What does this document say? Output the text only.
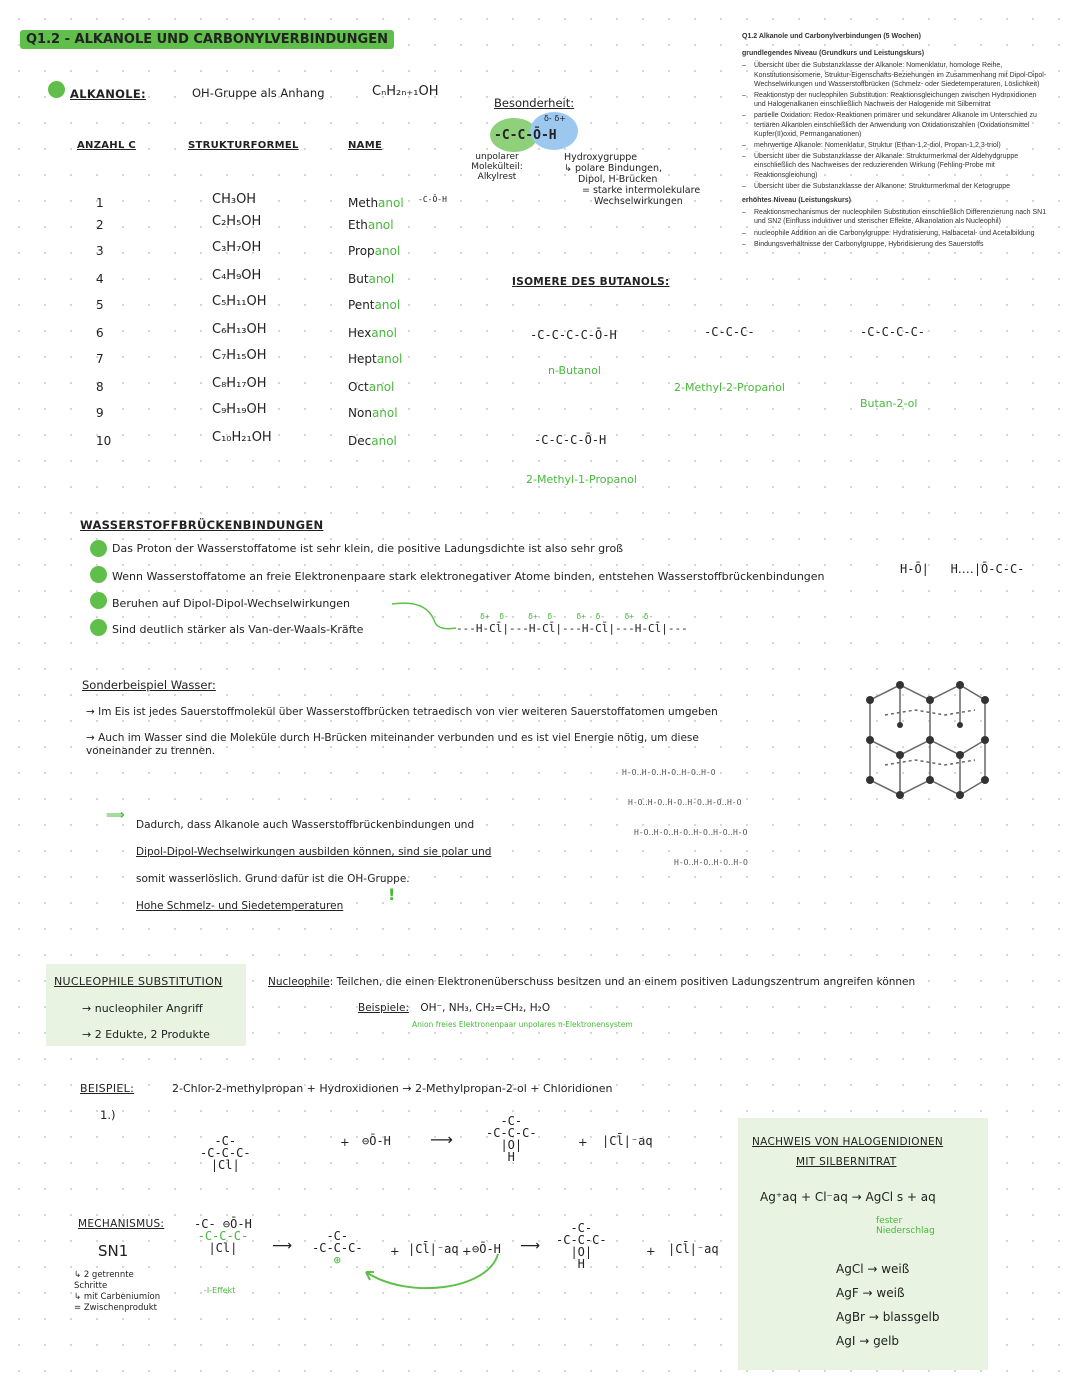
Q1.2 - ALKANOLE UND CARBONYLVERBINDUNGEN
ALKANOLE:	OH-Gruppe als Anhang	CₙH₂ₙ₊₁OH
ANZAHL C	STRUKTURFORMEL	NAME
1	CH₃OH	Methanol
2	C₂H₅OH	Ethanol
3	C₃H₇OH	Propanol
4	C₄H₉OH	Butanol
5	C₅H₁₁OH	Pentanol
6	C₆H₁₃OH	Hexanol
7	C₇H₁₅OH	Heptanol
8	C₈H₁₇OH	Octanol
9	C₉H₁₉OH	Nonanol
10	C₁₀H₂₁OH	Decanol
-C-Ō-H
Besonderheit:
-C-C-Ō-H
δ- δ+
unpolarer Molekülteil: Alkylrest
Hydroxygruppe
↳ polare Bindungen,
Dipol, H-Brücken
= starke intermolekulare
Wechselwirkungen
ISOMERE DES BUTANOLS:
-C-C-C-C-Ō-H
n-Butanol
-C-C-C-
2-Methyl-2-Propanol
-C-C-C-C-
Butan-2-ol
-C-C-C-Ō-H
2-Methyl-1-Propanol
Q1.2 Alkanole und Carbonylverbindungen (5 Wochen)
grundlegendes Niveau (Grundkurs und Leistungskurs)
– Übersicht über die Substanzklasse der Alkanole: Nomenklatur, homologe Reihe, Konstitutionsisomerie, Struktur-Eigenschafts-Beziehungen im Zusammenhang mit Dipol-Dipol-Wechselwirkungen und Wasserstoffbrücken (Schmelz- oder Siedetemperaturen, Löslichkeit)
– Reaktionstyp der nucleophilen Substitution: Reaktionsgleichungen zwischen Hydroxidionen und Halogenalkanen einschließlich Nachweis der Halogenide mit Silbernitrat
– partielle Oxidation: Redox-Reaktionen primärer und sekundärer Alkanole im Unterschied zu tertiären Alkanolen einschließlich der Anwendung von Oxidationszahlen (Oxidationsmittel Kupfer(II)oxid, Permanganationen)
– mehrwertige Alkanole: Nomenklatur, Struktur (Ethan-1,2-diol, Propan-1,2,3-triol)
– Übersicht über die Substanzklasse der Alkanale: Strukturmerkmal der Aldehydgruppe einschließlich des Nachweises der reduzierenden Wirkung (Fehling-Probe mit Reaktionsgleichung)
– Übersicht über die Substanzklasse der Alkanone: Strukturmerkmal der Ketogruppe
erhöhtes Niveau (Leistungskurs)
– Reaktionsmechanismus der nucleophilen Substitution einschließlich Differenzierung nach SN1 und SN2 (Einfluss induktiver und sterischer Effekte, Alkanolation als Nucleophil)
– nucleophile Addition an die Carbonylgruppe: Hydratisierung, Halbacetal- und Acetalbildung
– Bindungsverhältnisse der Carbonylgruppe, Hybridisierung des Sauerstoffs
WASSERSTOFFBRÜCKENBINDUNGEN
Das Proton der Wasserstoffatome ist sehr klein, die positive Ladungsdichte ist also sehr groß
Wenn Wasserstoffatome an freie Elektronenpaare stark elektronegativer Atome binden, entstehen Wasserstoffbrückenbindungen
Beruhen auf Dipol-Dipol-Wechselwirkungen
Sind deutlich stärker als Van-der-Waals-Kräfte
δ+  δ-    δ+  δ-    δ+  δ-    δ+  δ-
---H-Cl̄|---H-Cl̄|---H-Cl̄|---H-Cl̄|---
H-Ō|   H‥‥|Ō-C-C-
Sonderbeispiel Wasser:
→ Im Eis ist jedes Sauerstoffmolekül über Wasserstoffbrücken tetraedisch von vier weiteren Sauerstoffatomen umgeben
→ Auch im Wasser sind die Moleküle durch H-Brücken miteinander verbunden und es ist viel Energie nötig, um diese voneinander zu trennen.
H-O‥H-O‥H-O‥H-O‥H-O
H-O‥H-O‥H-O‥H-O‥H-O‥H-O
H-O‥H-O‥H-O‥H-O‥H-O‥H-O
H-O‥H-O‥H-O‥H-O
⟹
Dadurch, dass Alkanole auch Wasserstoffbrückenbindungen und
Dipol-Dipol-Wechselwirkungen ausbilden können, sind sie polar und
somit wasserlöslich. Grund dafür ist die OH-Gruppe.
Hohe Schmelz- und Siedetemperaturen
!
NUCLEOPHILE SUBSTITUTION
→ nucleophiler Angriff
→ 2 Edukte, 2 Produkte
Nucleophile: Teilchen, die einen Elektronenüberschuss besitzen und an einem positiven Ladungszentrum angreifen können
Beispiele: OH⁻, NH₃, CH₂=CH₂, H₂O
Anion freies Elektronenpaar unpolares π-Elektronensystem
BEISPIEL:
1.)
2-Chlor-2-methylpropan + Hydroxidionen → 2-Methylpropan-2-ol + Chloridionen
-C-
-C-C-C-
|Cl|
+ ⊖Ō-H ⟶
-C-
-C-C-C-
|O|
H
+ |Cl̄|⁻aq
MECHANISMUS:
SN1
↳ 2 getrennte Schritte
↳ mit Carbeniumion = Zwischenprodukt
-C- ⊖Ō-H
-C-C-C-
|Cl|
-I-Effekt
⟶
-C-
-C-C-C-
⊕
+ |Cl̄|⁻aq + ⊖Ō-H ⟶
-C-
-C-C-C-
|O|
H
+ |Cl̄|⁻aq
NACHWEIS VON HALOGENIDIONEN
MIT SILBERNITRAT
Ag⁺aq + Cl⁻aq → AgCl s + aq
fester Niederschlag
AgCl → weiß
AgF → weiß
AgBr → blassgelb
AgI → gelb
